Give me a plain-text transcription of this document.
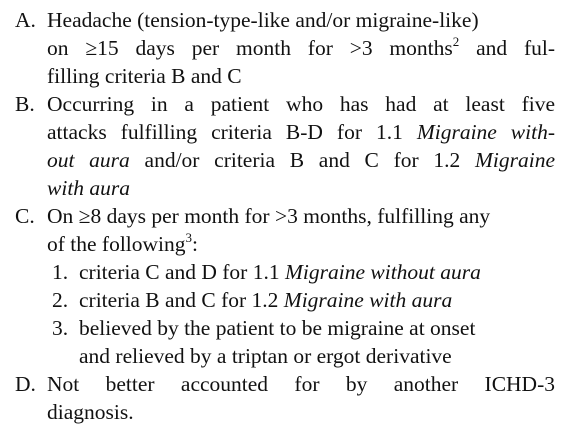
A. Headache (tension-type-like and/or migraine-like)
on ≥15 days per month for >3 months$^2$ and ful-
filling criteria B and C
B. Occurring in a patient who has had at least five
attacks fulfilling criteria B-D for 1.1 Migraine with-
out aura and/or criteria B and C for 1.2 Migraine
with aura
C. On ≥8 days per month for >3 months, fulfilling any
of the following$^3$:
1. criteria C and D for 1.1 Migraine without aura
2. criteria B and C for 1.2 Migraine with aura
3. believed by the patient to be migraine at onset
and relieved by a triptan or ergot derivative
D. Not better accounted for by another ICHD-3
diagnosis.
